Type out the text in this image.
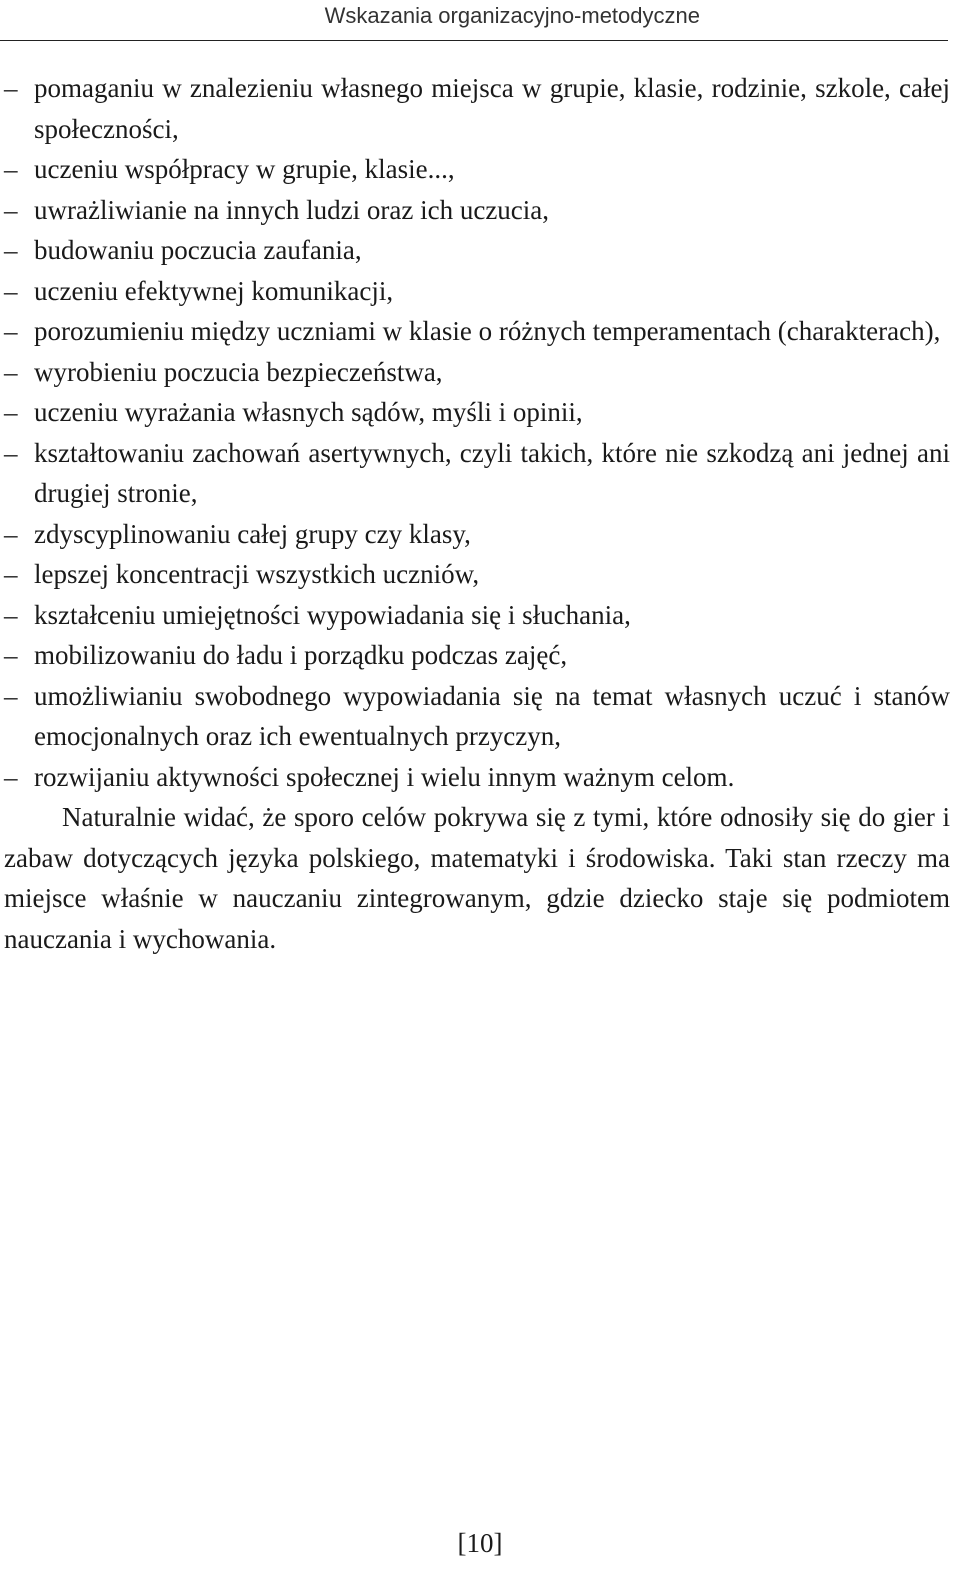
Wskazania organizacyjno-metodyczne
– pomaganiu w znalezieniu własnego miejsca w grupie, klasie, rodzinie, szkole, całej społeczności,
– uczeniu współpracy w grupie, klasie...,
– uwrażliwianie na innych ludzi oraz ich uczucia,
– budowaniu poczucia zaufania,
– uczeniu efektywnej komunikacji,
– porozumieniu między uczniami w klasie o różnych temperamentach (charakterach),
– wyrobieniu poczucia bezpieczeństwa,
– uczeniu wyrażania własnych sądów, myśli i opinii,
– kształtowaniu zachowań asertywnych, czyli takich, które nie szkodzą ani jednej ani drugiej stronie,
– zdyscyplinowaniu całej grupy czy klasy,
– lepszej koncentracji wszystkich uczniów,
– kształceniu umiejętności wypowiadania się i słuchania,
– mobilizowaniu do ładu i porządku podczas zajęć,
– umożliwianiu swobodnego wypowiadania się na temat własnych uczuć i stanów emocjonalnych oraz ich ewentualnych przyczyn,
– rozwijaniu aktywności społecznej i wielu innym ważnym celom.

Naturalnie widać, że sporo celów pokrywa się z tymi, które odnosiły się do gier i zabaw dotyczących języka polskiego, matematyki i środowiska. Taki stan rzeczy ma miejsce właśnie w nauczaniu zintegrowanym, gdzie dziecko staje się podmiotem nauczania i wychowania.

[10]
